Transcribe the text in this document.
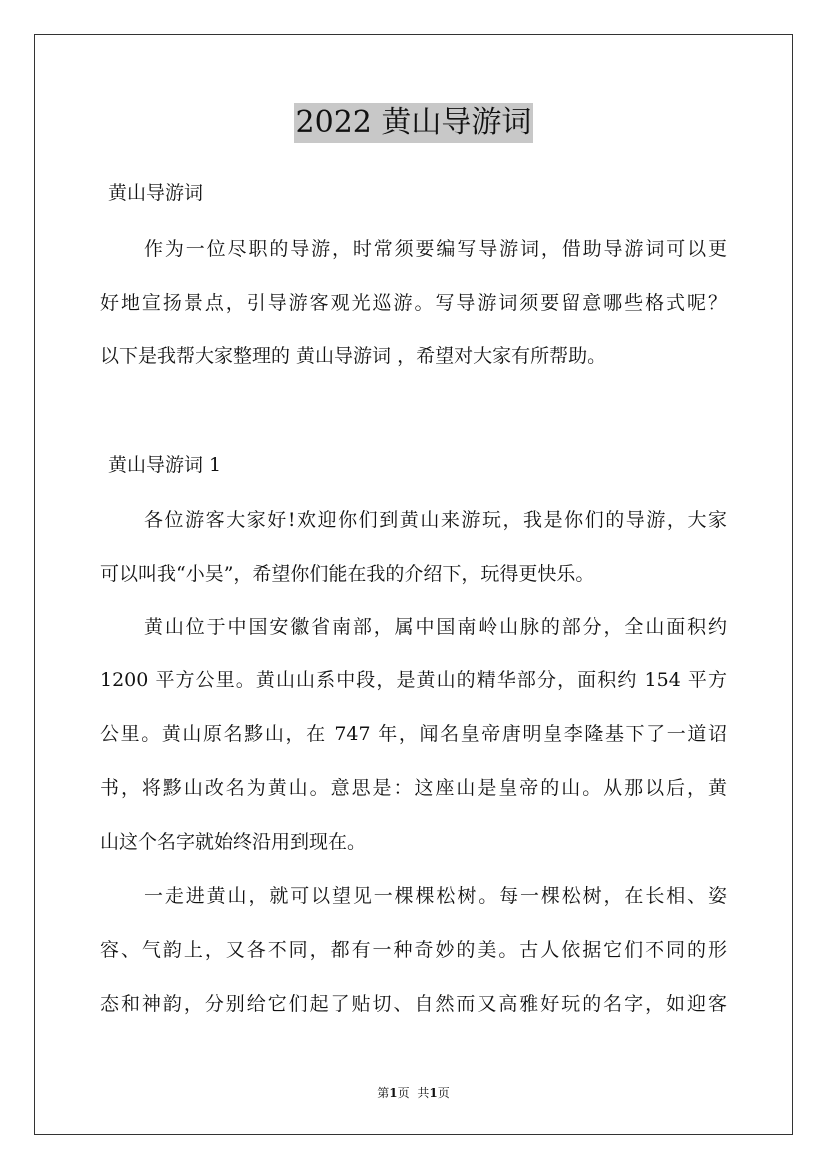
2022 黄山导游词

黄山导游词

作为一位尽职的导游，时常须要编写导游词，借助导游词可以更

好地宣扬景点，引导游客观光巡游。写导游词须要留意哪些格式呢？

以下是我帮大家整理的 黄山导游词 ，希望对大家有所帮助。

黄山导游词 1

各位游客大家好!欢迎你们到黄山来游玩，我是你们的导游，大家

可以叫我“小吴”，希望你们能在我的介绍下，玩得更快乐。

黄山位于中国安徽省南部，属中国南岭山脉的部分，全山面积约

1200 平方公里。黄山山系中段，是黄山的精华部分，面积约 154 平方

公里。黄山原名黟山，在 747 年，闻名皇帝唐明皇李隆基下了一道诏

书，将黟山改名为黄山。意思是：这座山是皇帝的山。从那以后，黄

山这个名字就始终沿用到现在。

一走进黄山，就可以望见一棵棵松树。每一棵松树，在长相、姿

容、气韵上，又各不同，都有一种奇妙的美。古人依据它们不同的形

态和神韵，分别给它们起了贴切、自然而又高雅好玩的名字，如迎客

第1页 共1页
